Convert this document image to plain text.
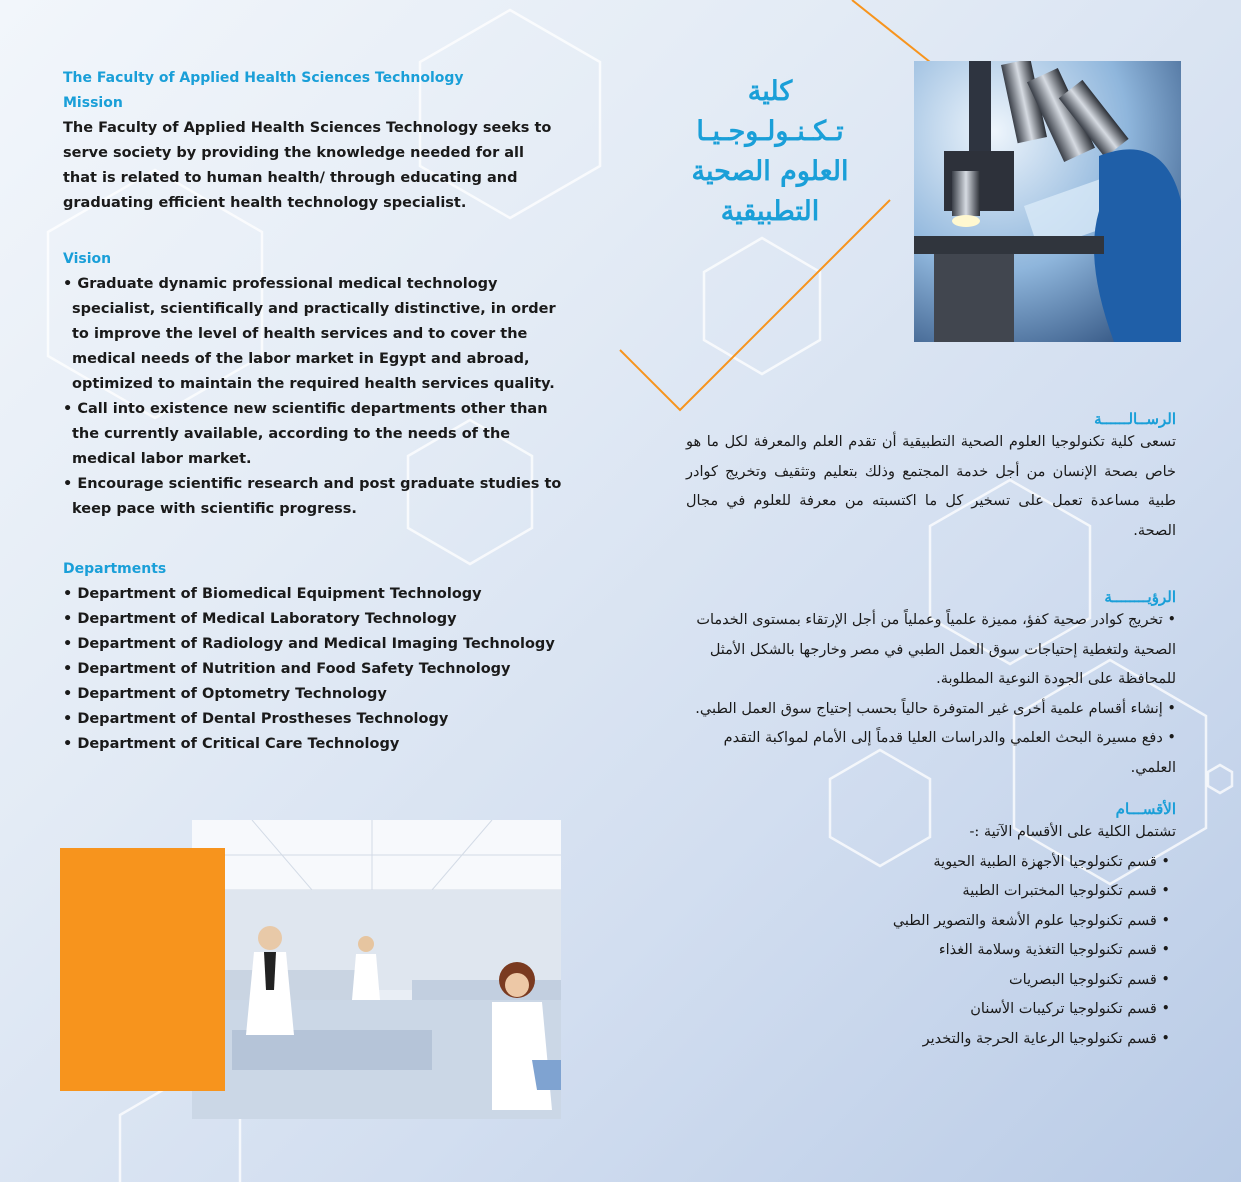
The Faculty of Applied Health Sciences Technology
Mission
The Faculty of Applied Health Sciences Technology seeks to serve society by providing the knowledge needed for all that is related to human health/ through educating and graduating efficient health technology specialist.
Vision
• Graduate dynamic professional medical technology specialist, scientifically and practically distinctive, in order to improve the level of health services and to cover the medical needs of the labor market in Egypt and abroad, optimized to maintain the required health services quality.
• Call into existence new scientific departments other than the currently available, according to the needs of the medical labor market.
• Encourage scientific research and post graduate studies to keep pace with scientific progress.
Departments
• Department of Biomedical Equipment Technology
• Department of Medical Laboratory Technology
• Department of Radiology and Medical Imaging Technology
• Department of Nutrition and Food Safety Technology
• Department of Optometry Technology
• Department of Dental Prostheses Technology
• Department of Critical Care Technology
كلية
تـكـنـولـوجـيـا
العلوم الصحية
التطبيقية
الرســالــــــة
تسعى كلية تكنولوجيا العلوم الصحية التطبيقية أن تقدم العلم والمعرفة لكل ما هو خاص بصحة الإنسان من أجل خدمة المجتمع وذلك بتعليم وتثقيف وتخريج كوادر طبية مساعدة تعمل على تسخير كل ما اكتسبته من معرفة للعلوم في مجال الصحة.
الرؤيــــــــة
• تخريج كوادر صحية كفؤ، مميزة علمياً وعملياً من أجل الإرتقاء بمستوى الخدمات الصحية ولتغطية إحتياجات سوق العمل الطبي في مصر وخارجها بالشكل الأمثل للمحافظة على الجودة النوعية المطلوبة.
• إنشاء أقسام علمية أخرى غير المتوفرة حالياً بحسب إحتياج سوق العمل الطبي.
• دفع مسيرة البحث العلمي والدراسات العليا قدماً إلى الأمام لمواكبة التقدم العلمي.
الأقســـام
تشتمل الكلية على الأقسام الآتية :-
• قسم تكنولوجيا الأجهزة الطبية الحيوية
• قسم تكنولوجيا المختبرات الطبية
• قسم تكنولوجيا علوم الأشعة والتصوير الطبي
• قسم تكنولوجيا التغذية وسلامة الغذاء
• قسم تكنولوجيا البصريات
• قسم تكنولوجيا تركيبات الأسنان
• قسم تكنولوجيا الرعاية الحرجة والتخدير
